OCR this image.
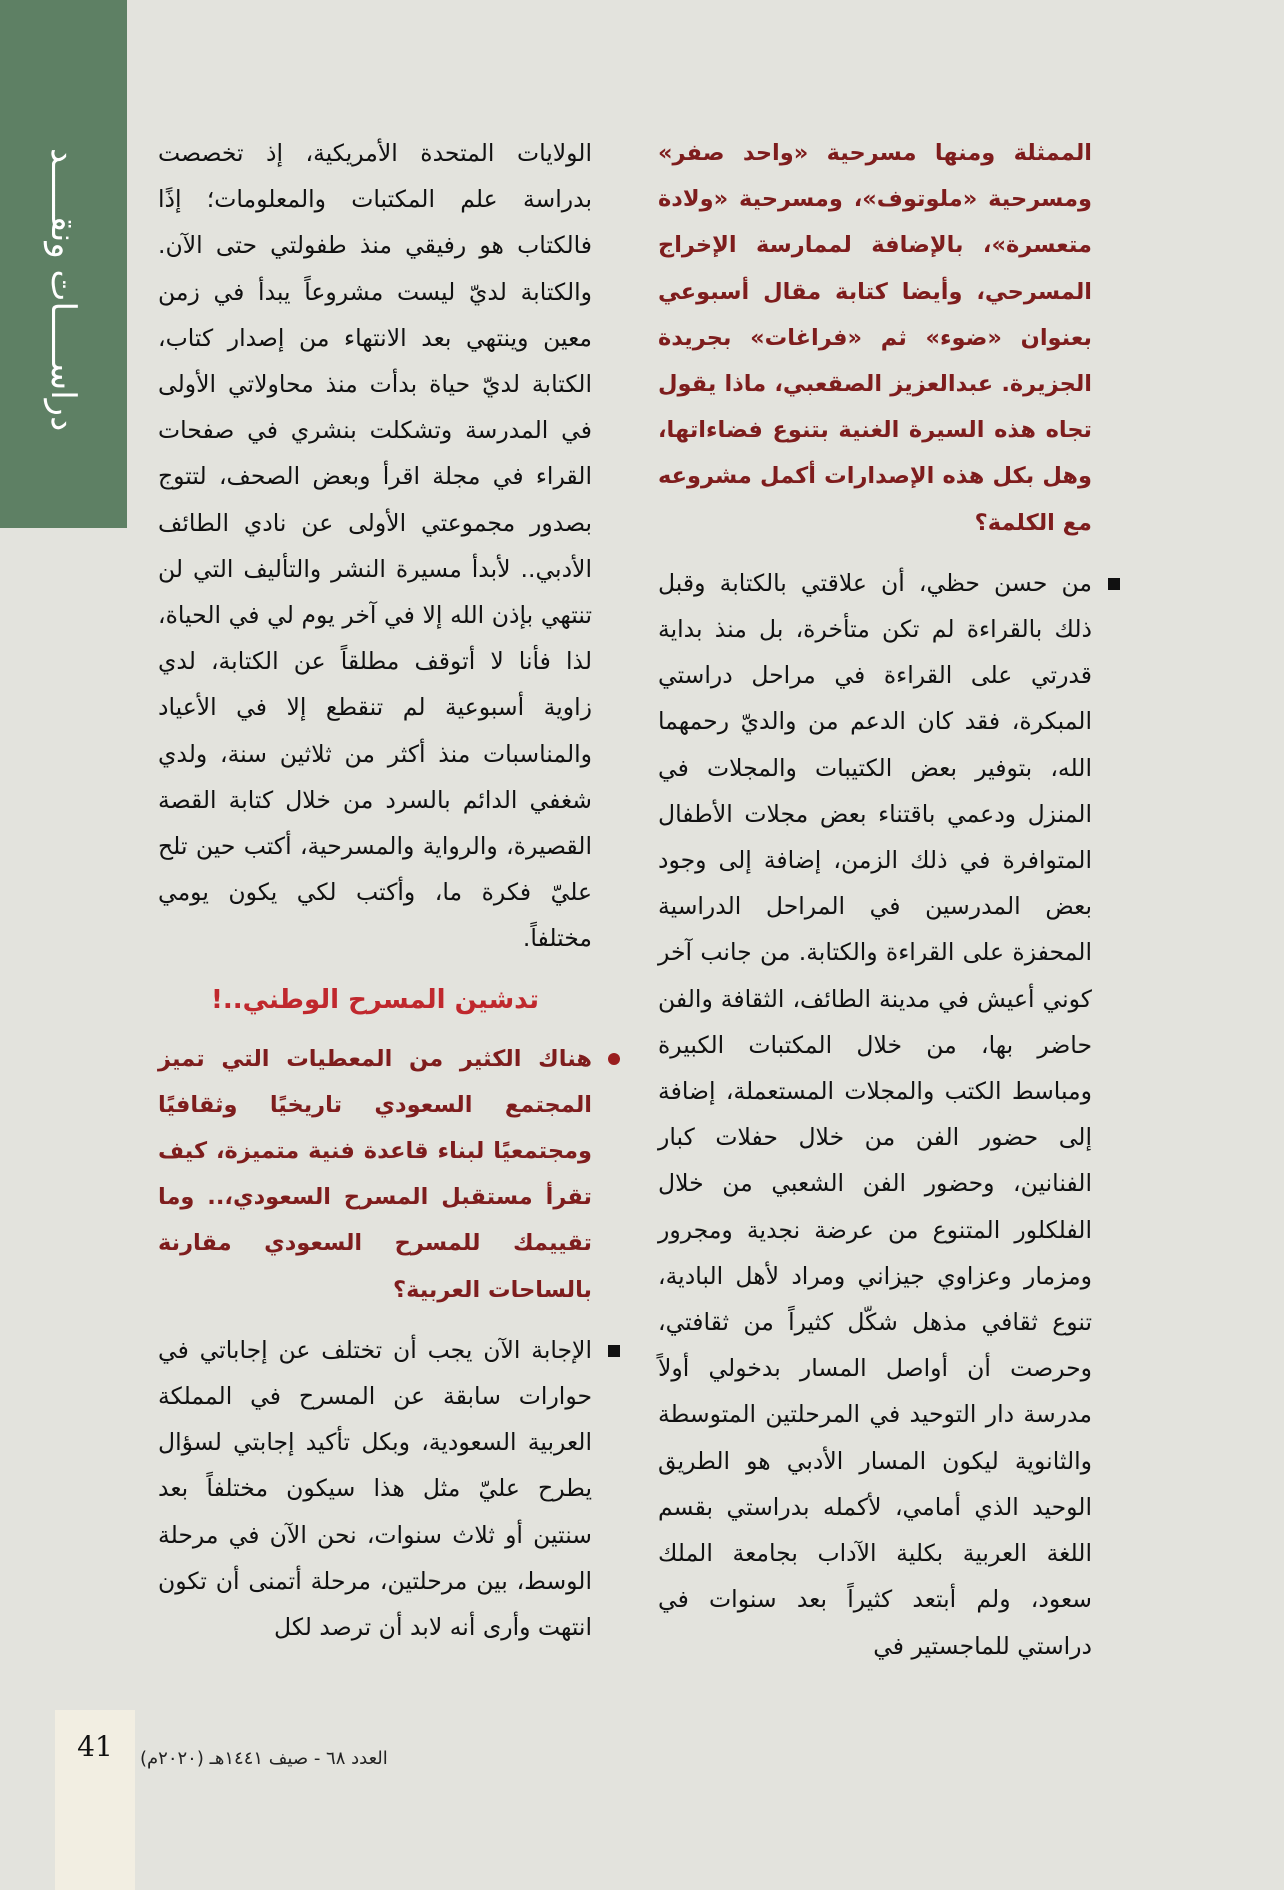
دراســـــات ونقـــــد	الممثلة ومنها مسرحية «واحد صفر» ومسرحية «ملوتوف»، ومسرحية «ولادة متعسرة»، بالإضافة لممارسة الإخراج المسرحي، وأيضا كتابة مقال أسبوعي بعنوان «ضوء» ثم «فراغات» بجريدة الجزيرة. عبدالعزيز الصقعبي، ماذا يقول تجاه هذه السيرة الغنية بتنوع فضاءاتها، وهل بكل هذه الإصدارات أكمل مشروعه مع الكلمة؟

من حسن حظي، أن علاقتي بالكتابة وقبل ذلك بالقراءة لم تكن متأخرة، بل منذ بداية قدرتي على القراءة في مراحل دراستي المبكرة، فقد كان الدعم من والديّ رحمهما الله، بتوفير بعض الكتيبات والمجلات في المنزل ودعمي باقتناء بعض مجلات الأطفال المتوافرة في ذلك الزمن، إضافة إلى وجود بعض المدرسين في المراحل الدراسية المحفزة على القراءة والكتابة. من جانب آخر كوني أعيش في مدينة الطائف، الثقافة والفن حاضر بها، من خلال المكتبات الكبيرة ومباسط الكتب والمجلات المستعملة، إضافة إلى حضور الفن من خلال حفلات كبار الفنانين، وحضور الفن الشعبي من خلال الفلكلور المتنوع من عرضة نجدية ومجرور ومزمار وعزاوي جيزاني ومراد لأهل البادية، تنوع ثقافي مذهل شكّل كثيراً من ثقافتي، وحرصت أن أواصل المسار بدخولي أولاً مدرسة دار التوحيد في المرحلتين المتوسطة والثانوية ليكون المسار الأدبي هو الطريق الوحيد الذي أمامي، لأكمله بدراستي بقسم اللغة العربية بكلية الآداب بجامعة الملك سعود، ولم أبتعد كثيراً بعد سنوات في دراستي للماجستير في

الولايات المتحدة الأمريكية، إذ تخصصت بدراسة علم المكتبات والمعلومات؛ إذًا فالكتاب هو رفيقي منذ طفولتي حتى الآن. والكتابة لديّ ليست مشروعاً يبدأ في زمن معين وينتهي بعد الانتهاء من إصدار كتاب، الكتابة لديّ حياة بدأت منذ محاولاتي الأولى في المدرسة وتشكلت بنشري في صفحات القراء في مجلة اقرأ وبعض الصحف، لتتوج بصدور مجموعتي الأولى عن نادي الطائف الأدبي.. لأبدأ مسيرة النشر والتأليف التي لن تنتهي بإذن الله إلا في آخر يوم لي في الحياة، لذا فأنا لا أتوقف مطلقاً عن الكتابة، لدي زاوية أسبوعية لم تنقطع إلا في الأعياد والمناسبات منذ أكثر من ثلاثين سنة، ولدي شغفي الدائم بالسرد من خلال كتابة القصة القصيرة، والرواية والمسرحية، أكتب حين تلح عليّ فكرة ما، وأكتب لكي يكون يومي مختلفاً.

تدشين المسرح الوطني..!

هناك الكثير من المعطيات التي تميز المجتمع السعودي تاريخيًا وثقافيًا ومجتمعيًا لبناء قاعدة فنية متميزة، كيف تقرأ مستقبل المسرح السعودي،.. وما تقييمك للمسرح السعودي مقارنة بالساحات العربية؟

الإجابة الآن يجب أن تختلف عن إجاباتي في حوارات سابقة عن المسرح في المملكة العربية السعودية، وبكل تأكيد إجابتي لسؤال يطرح عليّ مثل هذا سيكون مختلفاً بعد سنتين أو ثلاث سنوات، نحن الآن في مرحلة الوسط، بين مرحلتين، مرحلة أتمنى أن تكون انتهت وأرى أنه لابد أن ترصد لكل

41	العدد ٦٨ - صيف ١٤٤١هـ (٢٠٢٠م)
